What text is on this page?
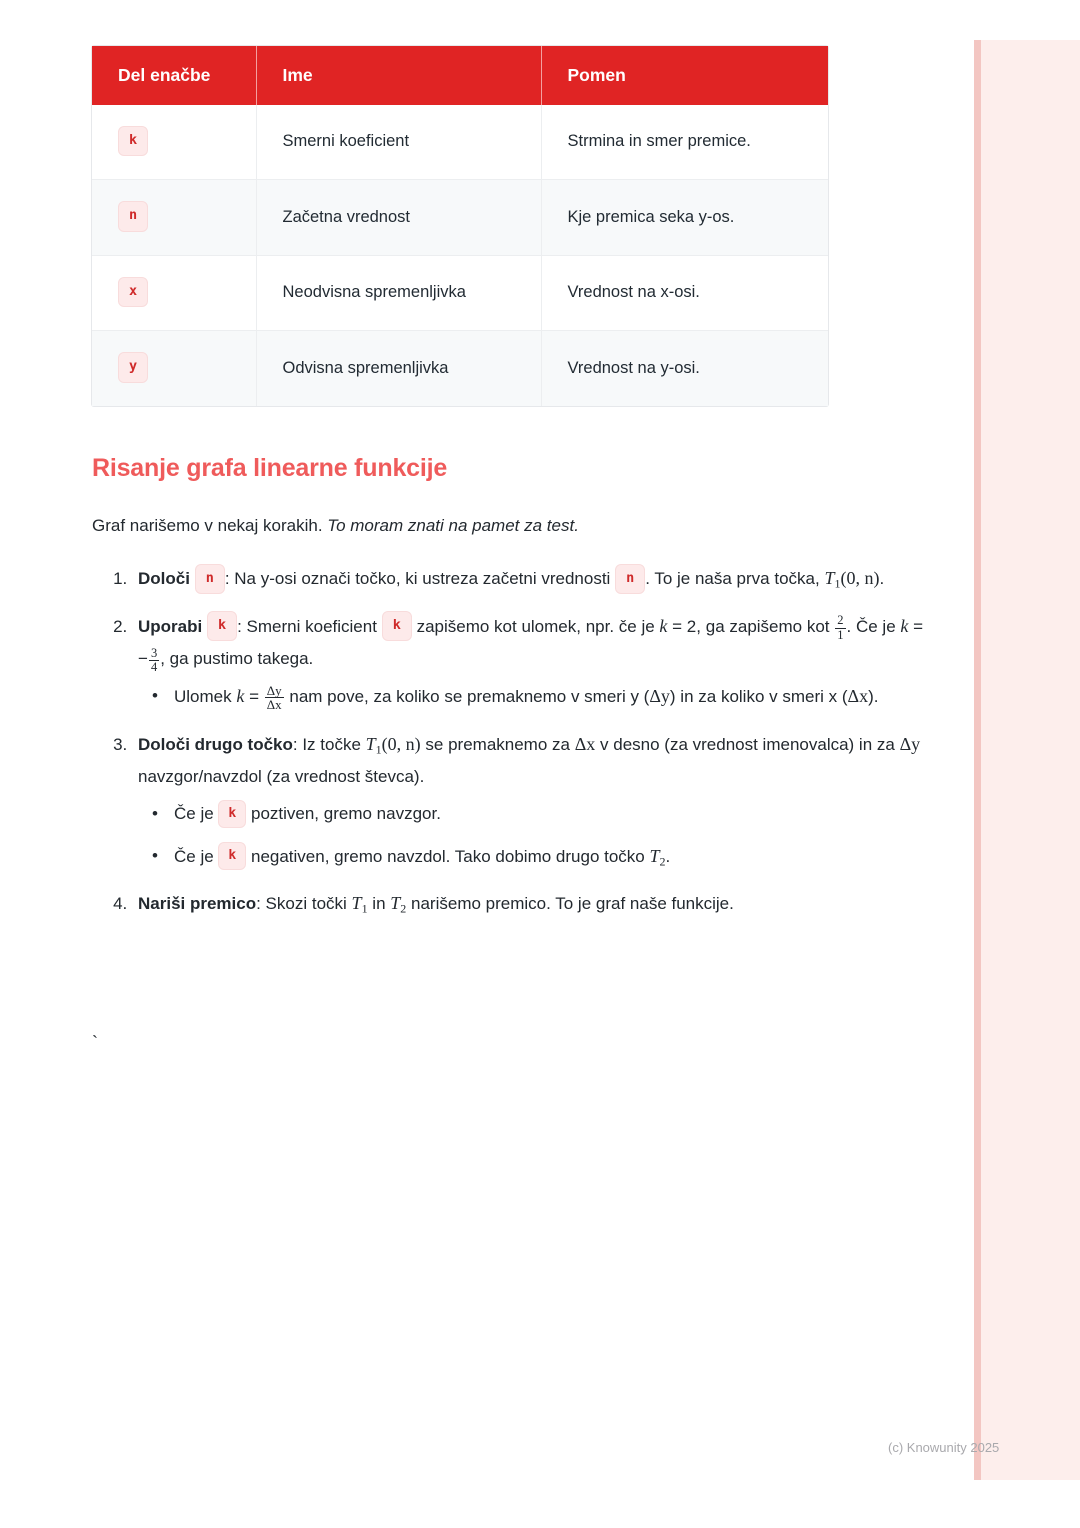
Del enačbe	Ime	Pomen
k	Smerni koeficient	Strmina in smer premice.
n	Začetna vrednost	Kje premica seka y-os.
x	Neodvisna spremenljivka	Vrednost na x-osi.
y	Odvisna spremenljivka	Vrednost na y-osi.
Risanje grafa linearne funkcije

Graf narišemo v nekaj korakih. To moram znati na pamet za test.

1. Določi n : Na y-osi označi točko, ki ustreza začetni vrednosti n . To je naša prva točka, T1(0, n).
2. Uporabi k : Smerni koeficient k zapišemo kot ulomek, npr. če je k = 2, ga zapišemo kot $\frac{2}{1}$ . Če je k = − $\frac{3}{4}$ , ga pustimo takega.
• Ulomek $k = \frac{\Delta y}{\Delta x}$ nam pove, za koliko se premaknemo v smeri y (Δy) in za koliko v smeri x (Δx).
3. Določi drugo točko: Iz točke T1(0, n) se premaknemo za Δx v desno (za vrednost imenovalca) in za Δy navzgor/navzdol (za vrednost števca).
• Če je k poztiven, gremo navzgor.
• Če je k negativen, gremo navzdol. Tako dobimo drugo točko T2.
4. Nariši premico: Skozi točki T1 in T2 narišemo premico. To je graf naše funkcije.
`
(c) Knowunity 2025
